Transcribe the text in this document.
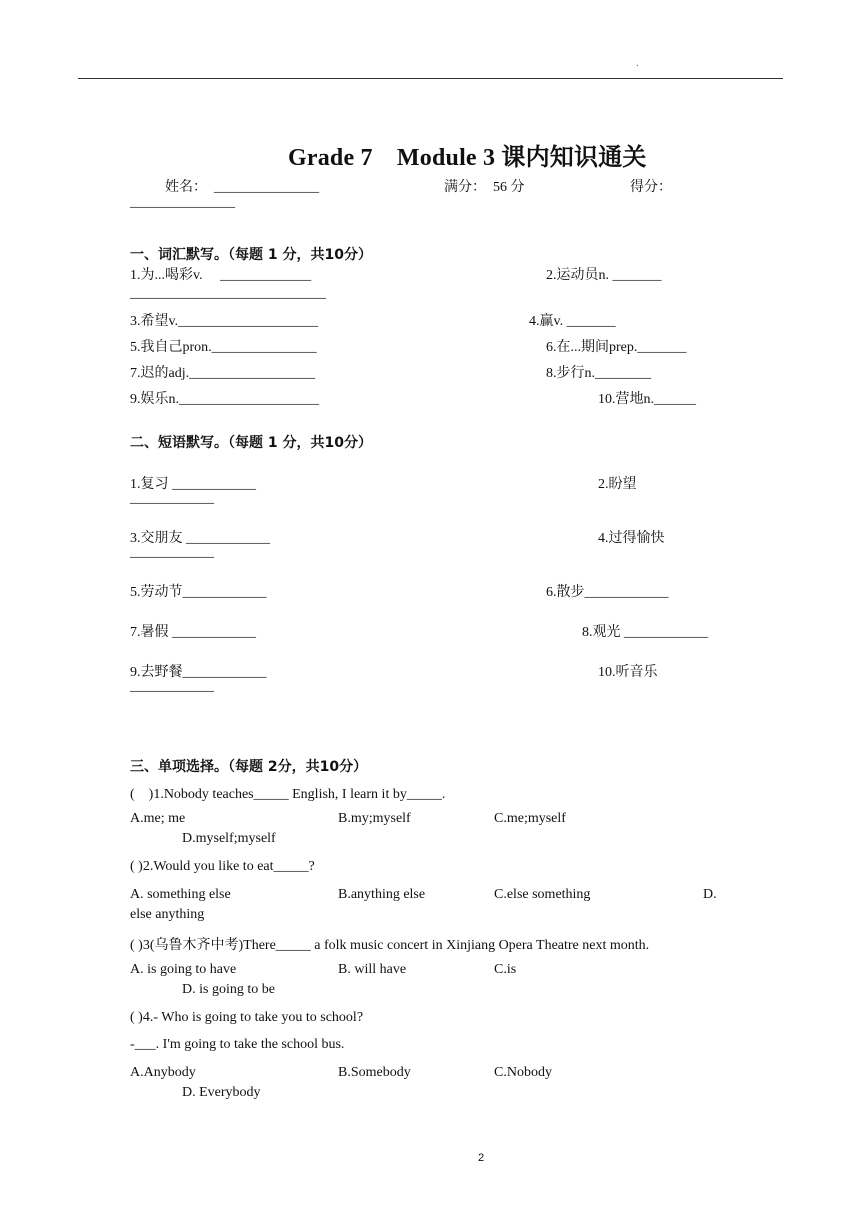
.
Grade 7　Module 3 课内知识通关
姓名：　_______________	满分：　56 分	得分：
_______________
一、词汇默写。（每题 1 分，共10分）
1.为...喝彩v. 　_____________	2.运动员n. _______
____________________________
3.希望v.____________________	4.赢v. _______
5.我自己pron._______________	6.在...期间prep._______
7.迟的adj.__________________	8.步行n.________
9.娱乐n.____________________	10.营地n.______
二、短语默写。（每题 1 分，共10分）
1.复习 ____________	2.盼望
____________
3.交朋友 ____________	4.过得愉快
____________
5.劳动节____________	6.散步____________
7.暑假 ____________	8.观光 ____________
9.去野餐____________	10.听音乐
____________
三、单项选择。（每题 2分，共10分）
(　)1.Nobody teaches_____ English, I learn it by_____.
A.me; me	B.my;myself	C.me;myself
D.myself;myself
( )2.Would you like to eat_____?
A. something else	B.anything else	C.else something	D.
else anything
( )3(乌鲁木齐中考)There_____ a folk music concert in Xinjiang Opera Theatre next month.
A. is going to have	B. will have	C.is
D. is going to be
( )4.- Who is going to take you to school?
-___. I'm going to take the school bus.
A.Anybody	B.Somebody	C.Nobody
D. Everybody
2
